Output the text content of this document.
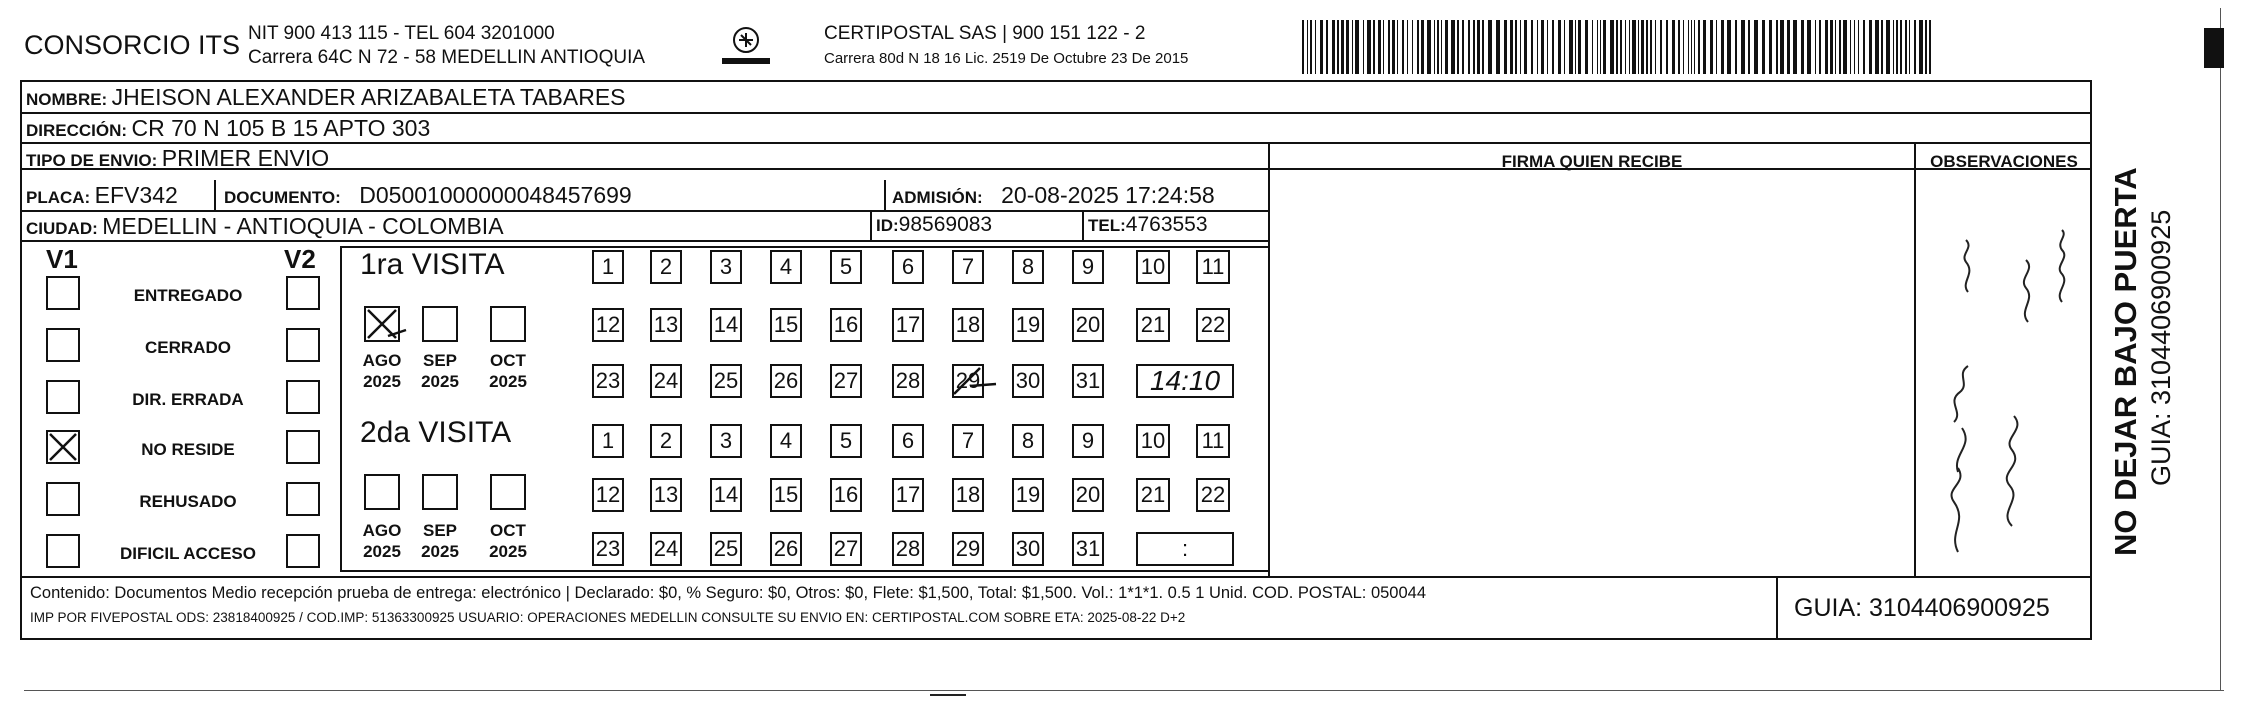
CONSORCIO ITS NIT 900 413 115 - TEL 604 3201000
Carrera 64C N 72 - 58 MEDELLIN ANTIOQUIA
CERTIPOSTAL SAS | 900 151 122 - 2
Carrera 80d N 18 16 Lic. 2519 De Octubre 23 De 2015
NOMBRE: JHEISON ALEXANDER ARIZABALETA TABARES
DIRECCIÓN: CR 70 N 105 B 15 APTO 303
TIPO DE ENVIO: PRIMER ENVIO	FIRMA QUIEN RECIBE	OBSERVACIONES
PLACA: EFV342	DOCUMENTO: D05001000000048457699	ADMISIÓN: 20-08-2025 17:24:58
CIUDAD: MEDELLIN - ANTIOQUIA - COLOMBIA	ID:98569083	TEL:4763553
V1	V2
ENTREGADO
CERRADO
DIR. ERRADA
NO RESIDE
REHUSADO
DIFICIL ACCESO
1ra VISITA
2da VISITA
AGO
2025
SEP
2025
OCT
2025
AGO
2025
SEP
2025
OCT
2025
1	2	3	4	5	6	7	8	9	10 11
12 13 14 15 16 17 18 19 20 21 22
23 24 25 26 27 28 29 30 31	14:10
1	2	3	4	5	6	7	8	9	10 11
12 13 14 15 16 17 18 19 20 21 22
23 24 25 26 27 28 29 30 31	:
Contenido: Documentos Medio recepción prueba de entrega: electrónico | Declarado: $0, % Seguro: $0, Otros: $0, Flete: $1,500, Total: $1,500. Vol.: 1*1*1. 0.5 1 Unid. COD. POSTAL: 050044
IMP POR FIVEPOSTAL ODS: 23818400925 / COD.IMP: 51363300925 USUARIO: OPERACIONES MEDELLIN CONSULTE SU ENVIO EN: CERTIPOSTAL.COM SOBRE ETA: 2025-08-22 D+2	GUIA: 3104406900925
NO DEJAR BAJO PUERTA GUIA: 3104406900925
